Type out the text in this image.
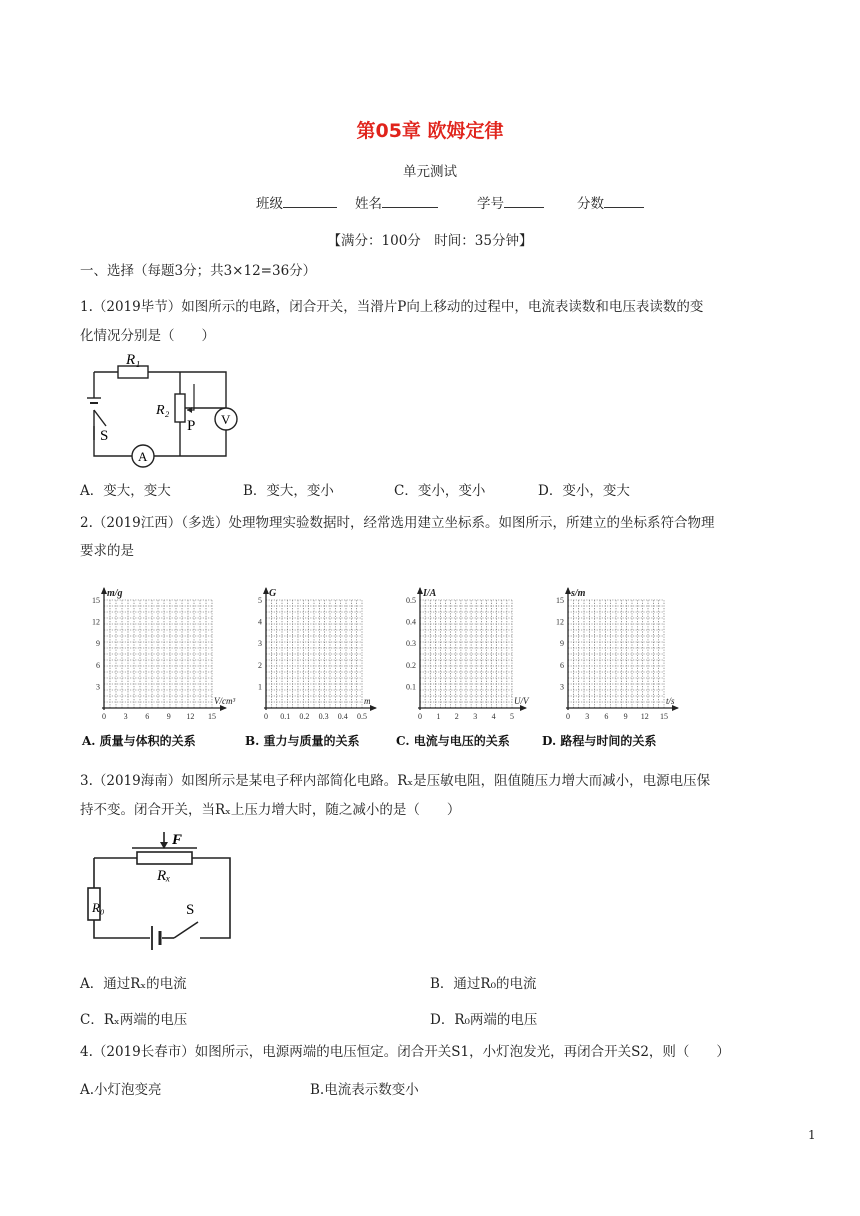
第05章 欧姆定律
单元测试
班级	姓名	学号	分数
【满分：100分　时间：35分钟】
一、选择（每题3分；共3×12=36分）
1.（2019毕节）如图所示的电路，闭合开关，当滑片P向上移动的过程中，电流表读数和电压表读数的变
化情况分别是（　　）
R₁
R₂
P
S
A
V
A．变大，变大	B．变大，变小	C．变小，变小	D．变小，变大
2.（2019江西）（多选）处理物理实验数据时，经常选用建立坐标系。如图所示，所建立的坐标系符合物理
要求的是
m/g
V/cm³
15
12
9
6
3
0 3 6 9 12 15
G
m
5
4
3
2
1
0 0.1 0.2 0.3 0.4 0.5
I/A
U/V
0.5
0.4
0.3
0.2
0.1
0 1 2 3 4 5
s/m
t/s
15
12
9
6
3
0 3 6 9 12 15
A. 质量与体积的关系	B. 重力与质量的关系	C. 电流与电压的关系	D. 路程与时间的关系
3.（2019海南）如图所示是某电子秤内部简化电路。Rₓ是压敏电阻，阻值随压力增大而减小，电源电压保
持不变。闭合开关，当Rₓ上压力增大时，随之减小的是（　　）
F
Rₓ
R₀	S
A．通过Rₓ的电流	B．通过R₀的电流
C．Rₓ两端的电压	D．R₀两端的电压
4.（2019长春市）如图所示，电源两端的电压恒定。闭合开关S1，小灯泡发光，再闭合开关S2，则（　　）
A.小灯泡变亮	B.电流表示数变小
1
